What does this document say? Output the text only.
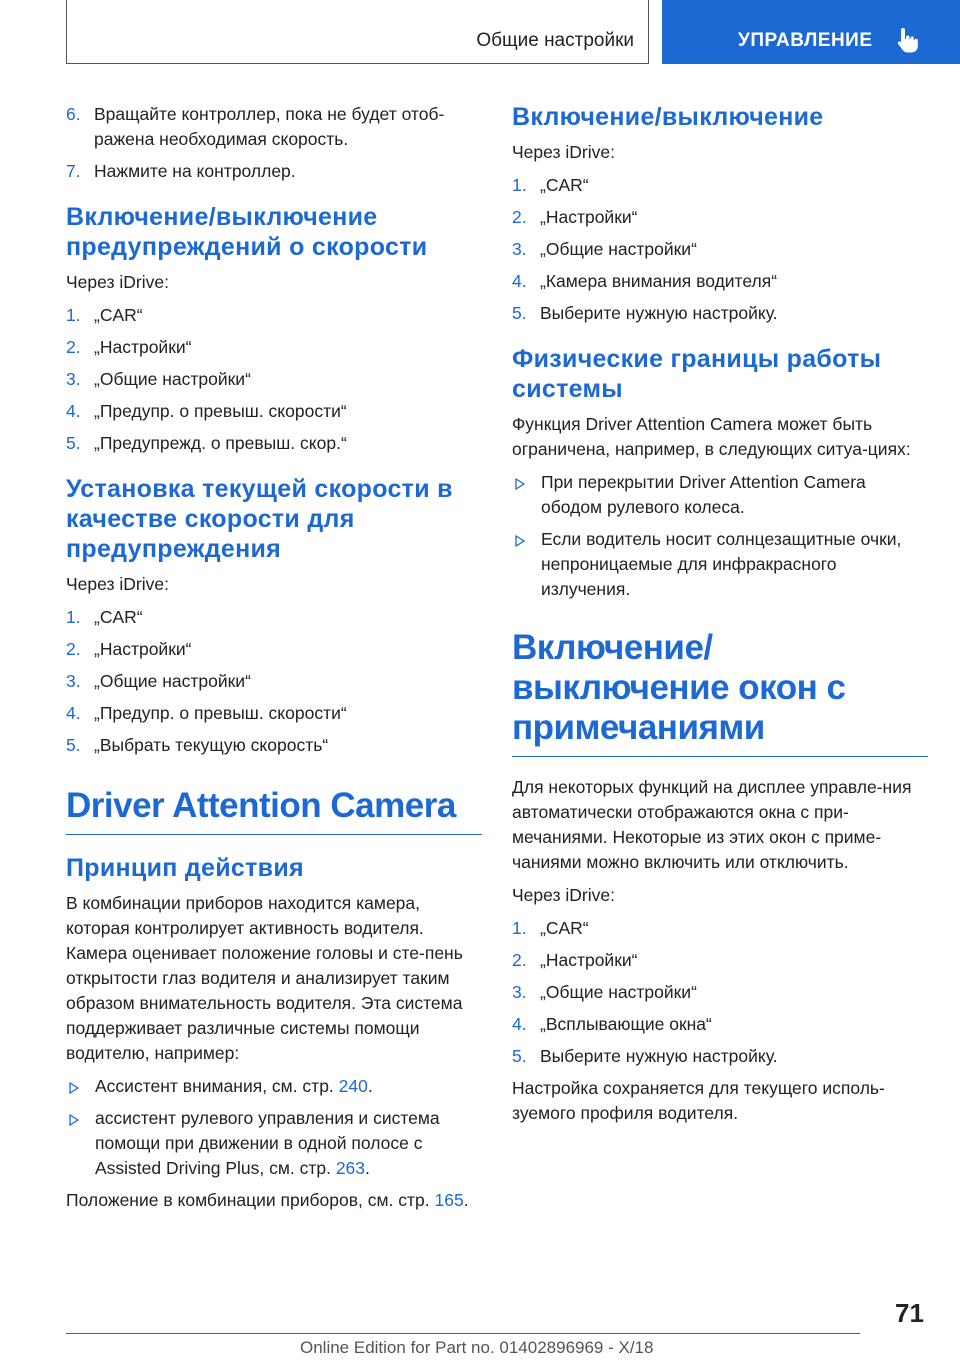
Общие настройки	УПРАВЛЕНИЕ
6. Вращайте контроллер, пока не будет отоб-ражена необходимая скорость.
7. Нажмите на контроллер.
Включение/выключение предупреждений о скорости
Через iDrive:
1. „CAR“
2. „Настройки“
3. „Общие настройки“
4. „Предупр. о превыш. скорости“
5. „Предупрежд. о превыш. скор.“
Установка текущей скорости в качестве скорости для предупреждения
Через iDrive:
1. „CAR“
2. „Настройки“
3. „Общие настройки“
4. „Предупр. о превыш. скорости“
5. „Выбрать текущую скорость“
Driver Attention Camera
Принцип действия
В комбинации приборов находится камера, которая контролирует активность водителя. Камера оценивает положение головы и сте-пень открытости глаз водителя и анализирует таким образом внимательность водителя. Эта система поддерживает различные системы помощи водителю, например:
Ассистент внимания, см. стр. 240.
ассистент рулевого управления и система помощи при движении в одной полосе с Assisted Driving Plus, см. стр. 263.
Положение в комбинации приборов, см. стр. 165.
Включение/выключение
Через iDrive:
1. „CAR“
2. „Настройки“
3. „Общие настройки“
4. „Камера внимания водителя“
5. Выберите нужную настройку.
Физические границы работы системы
Функция Driver Attention Camera может быть ограничена, например, в следующих ситуа-циях:
При перекрытии Driver Attention Camera ободом рулевого колеса.
Если водитель носит солнцезащитные очки, непроницаемые для инфракрасного излучения.
Включение/выключение окон с примечаниями
Для некоторых функций на дисплее управле-ния автоматически отображаются окна с при-мечаниями. Некоторые из этих окон с приме-чаниями можно включить или отключить.
Через iDrive:
1. „CAR“
2. „Настройки“
3. „Общие настройки“
4. „Всплывающие окна“
5. Выберите нужную настройку.
Настройка сохраняется для текущего исполь-зуемого профиля водителя.
71
Online Edition for Part no. 01402896969 - X/18
